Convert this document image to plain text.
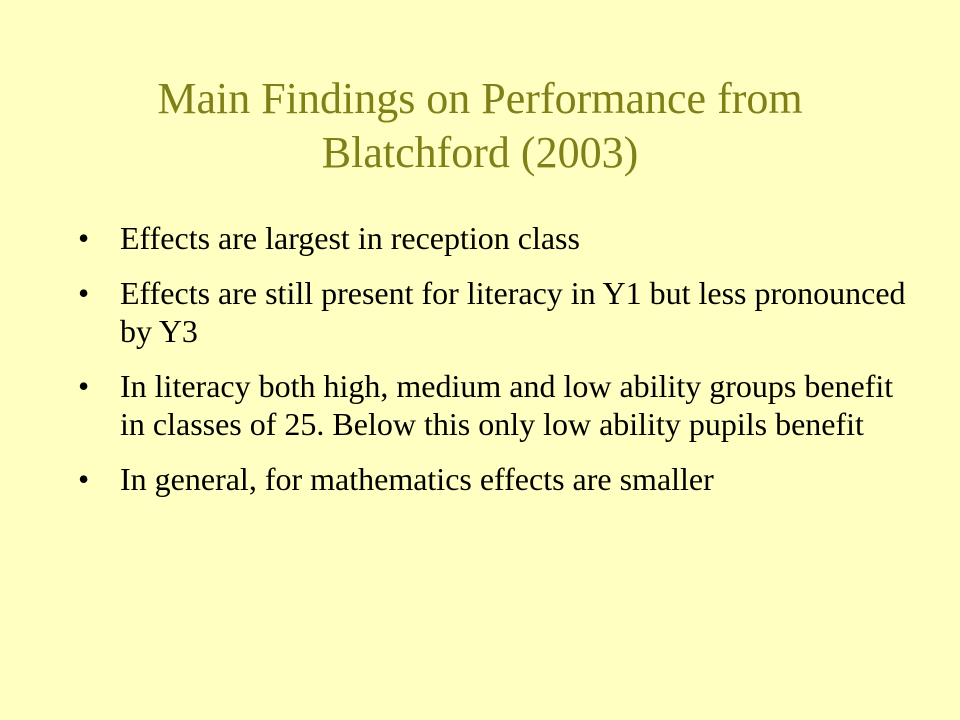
Main Findings on Performance from Blatchford (2003)
• Effects are largest in reception class
• Effects are still present for literacy in Y1 but less pronounced by Y3
• In literacy both high, medium and low ability groups benefit in classes of 25. Below this only low ability pupils benefit
• In general, for mathematics effects are smaller
